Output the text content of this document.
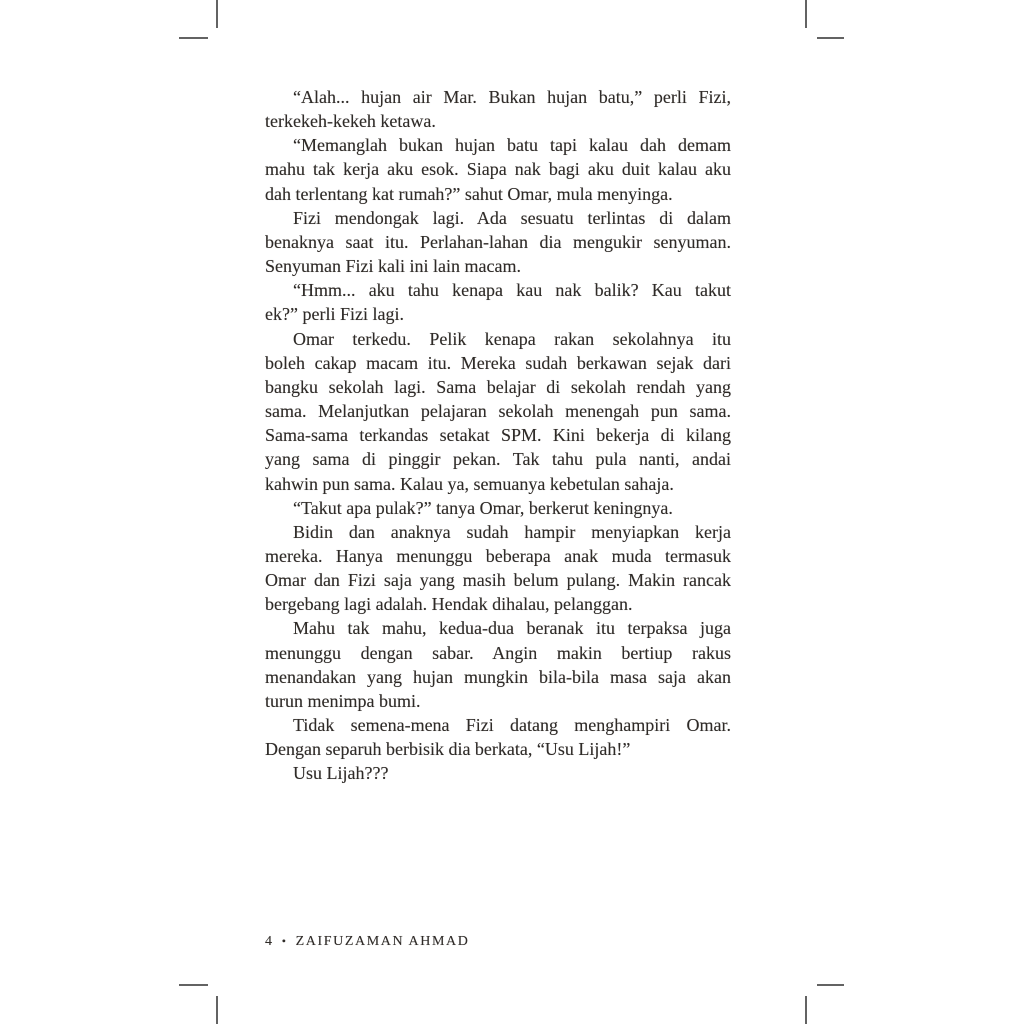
“Alah... hujan air Mar. Bukan hujan batu,” perli Fizi,
terkekeh-kekeh ketawa.
“Memanglah bukan hujan batu tapi kalau dah demam
mahu tak kerja aku esok. Siapa nak bagi aku duit kalau aku
dah terlentang kat rumah?” sahut Omar, mula menyinga.
Fizi mendongak lagi. Ada sesuatu terlintas di dalam
benaknya saat itu. Perlahan-lahan dia mengukir senyuman.
Senyuman Fizi kali ini lain macam.
“Hmm... aku tahu kenapa kau nak balik? Kau takut
ek?” perli Fizi lagi.
Omar terkedu. Pelik kenapa rakan sekolahnya itu
boleh cakap macam itu. Mereka sudah berkawan sejak dari
bangku sekolah lagi. Sama belajar di sekolah rendah yang
sama. Melanjutkan pelajaran sekolah menengah pun sama.
Sama-sama terkandas setakat SPM. Kini bekerja di kilang
yang sama di pinggir pekan. Tak tahu pula nanti, andai
kahwin pun sama. Kalau ya, semuanya kebetulan sahaja.
“Takut apa pulak?” tanya Omar, berkerut keningnya.
Bidin dan anaknya sudah hampir menyiapkan kerja
mereka. Hanya menunggu beberapa anak muda termasuk
Omar dan Fizi saja yang masih belum pulang. Makin rancak
bergebang lagi adalah. Hendak dihalau, pelanggan.
Mahu tak mahu, kedua-dua beranak itu terpaksa juga
menunggu dengan sabar. Angin makin bertiup rakus
menandakan yang hujan mungkin bila-bila masa saja akan
turun menimpa bumi.
Tidak semena-mena Fizi datang menghampiri Omar.
Dengan separuh berbisik dia berkata, “Usu Lijah!”
Usu Lijah???
4 • ZAIFUZAMAN AHMAD
